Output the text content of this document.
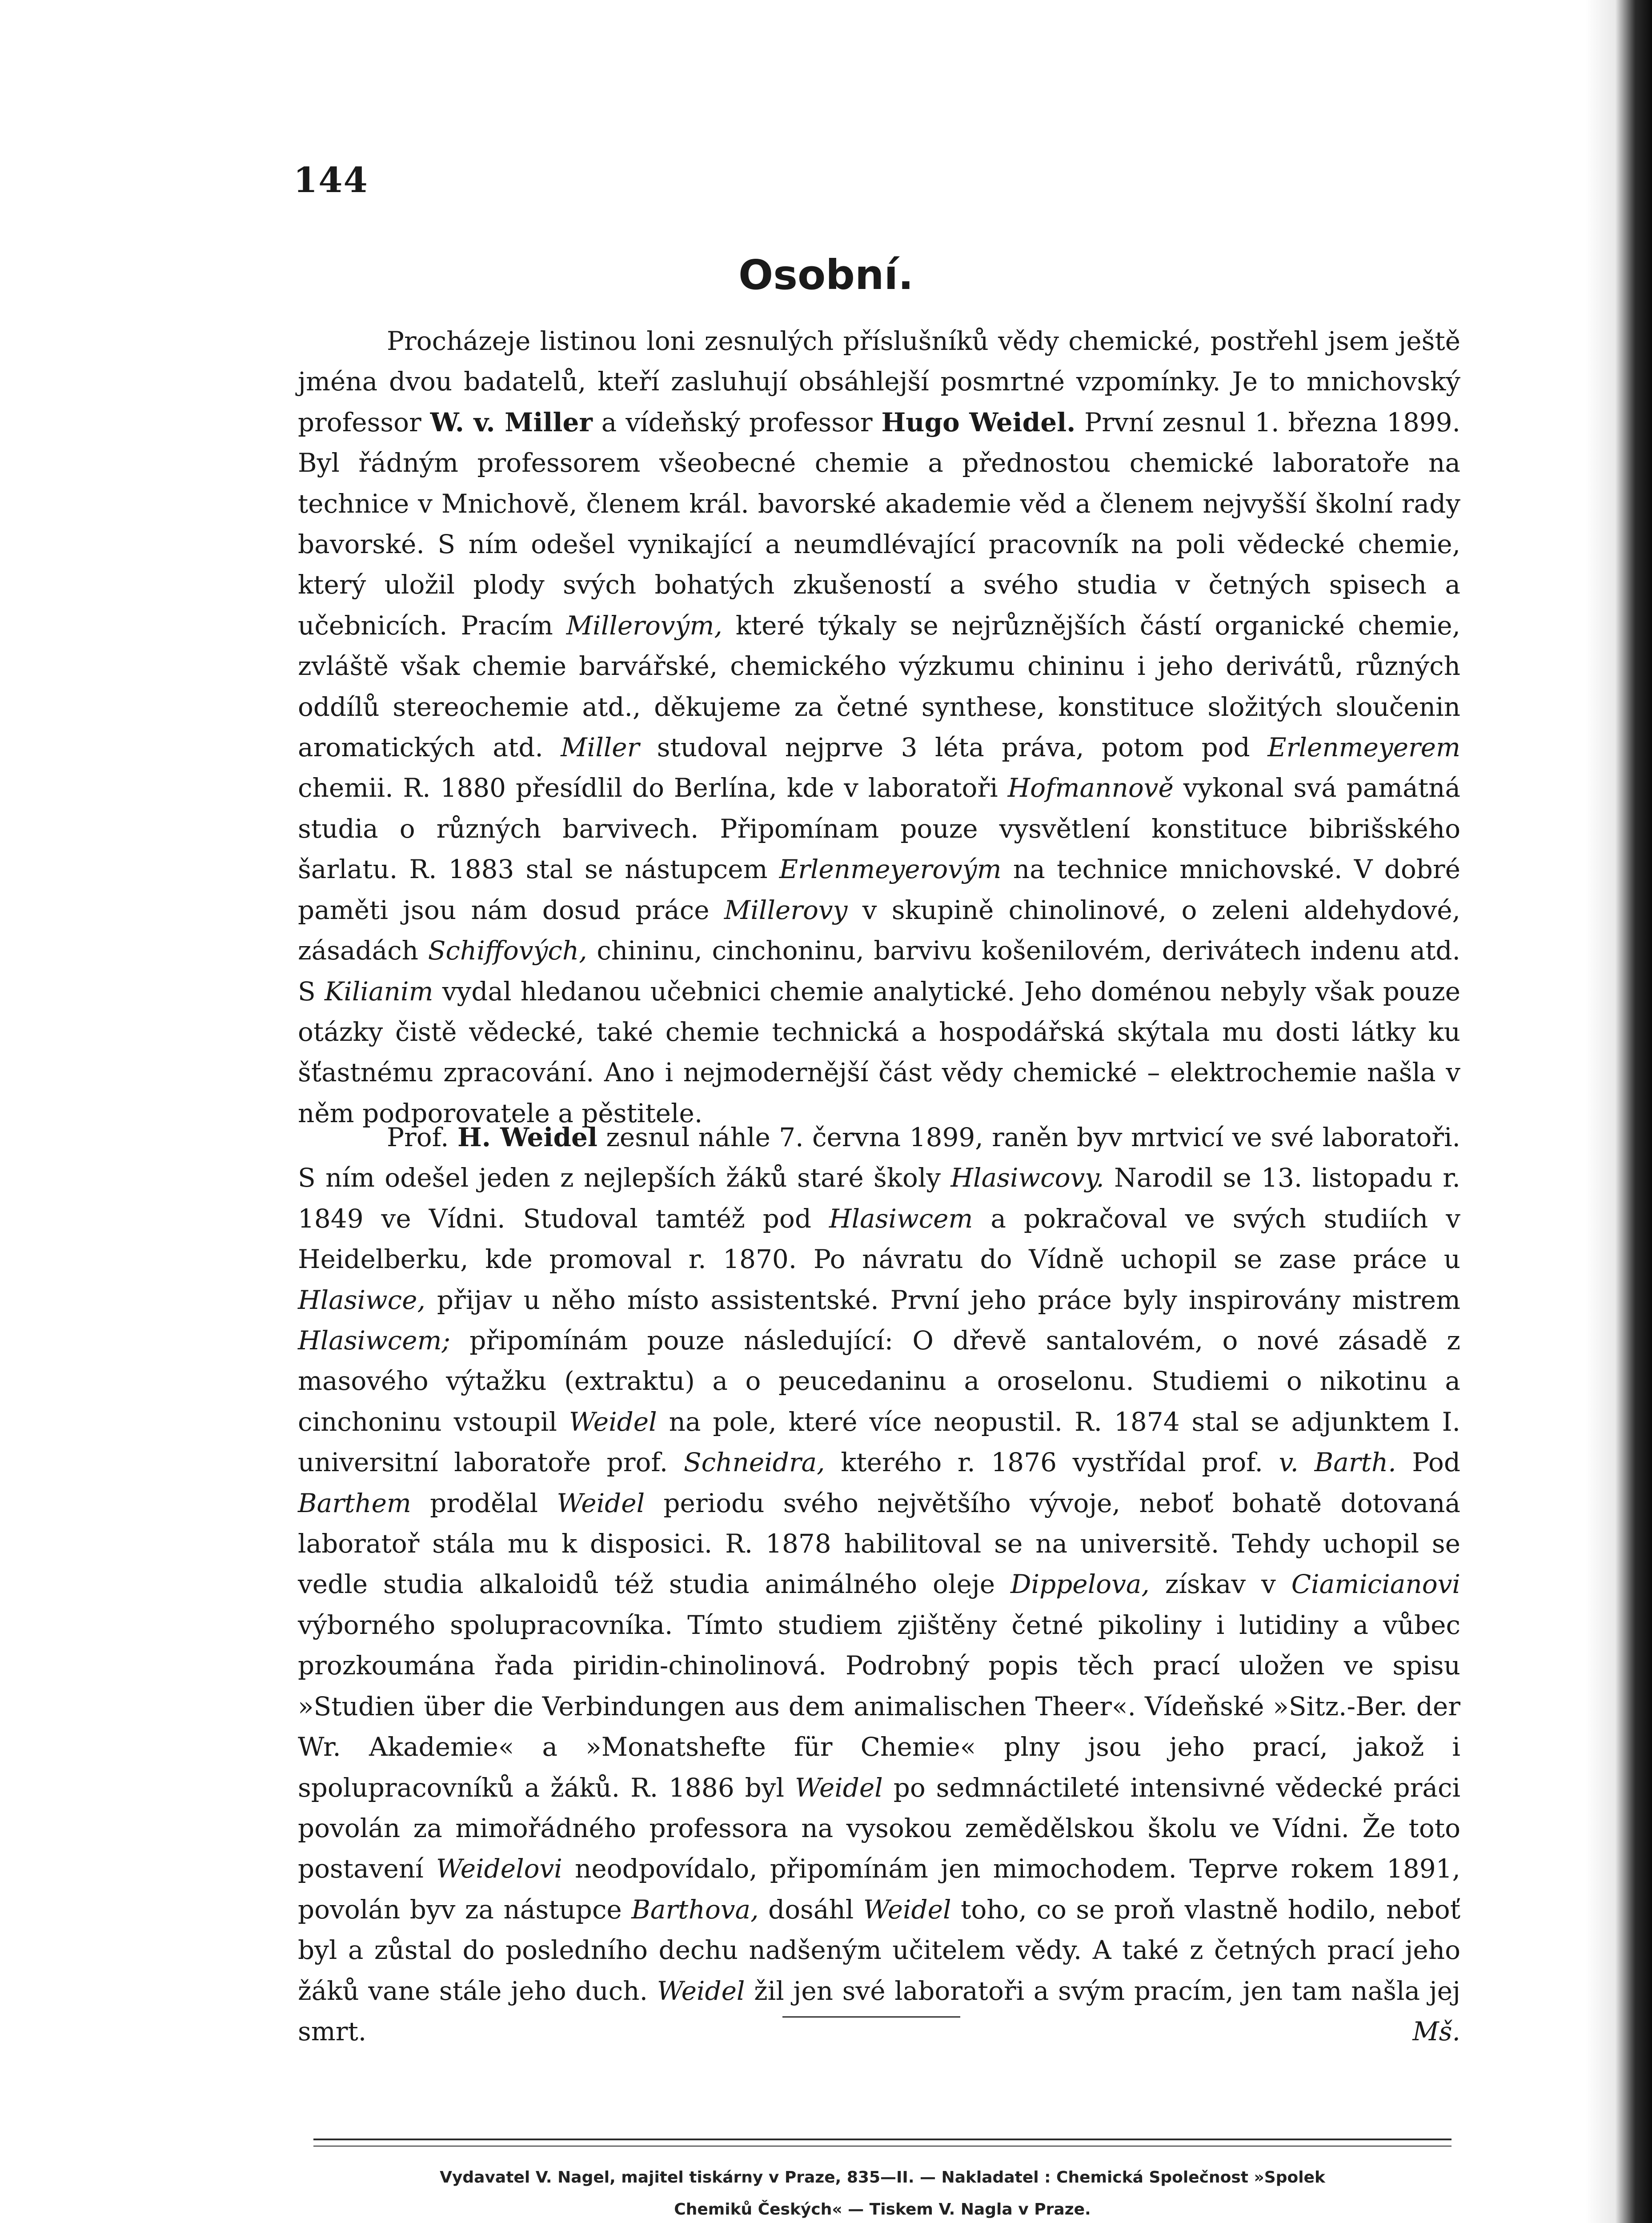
144
Osobní.

Procházeje listinou loni zesnulých příslušníků vědy chemické, postřehl jsem ještě jména dvou badatelů, kteří zasluhují obsáhlejší posmrtné vzpomínky. Je to mnichovský professor W. v. Miller a vídeňský professor Hugo Weidel. První zesnul 1. března 1899. Byl řádným professorem všeobecné chemie a přednostou chemické laboratoře na technice v Mnichově, členem král. bavorské akademie věd a členem nejvyšší školní rady bavorské. S ním odešel vynikající a neumdlévající pracovník na poli vědecké chemie, který uložil plody svých bohatých zkušeností a svého studia v četných spisech a učebnicích. Pracím Millerovým, které týkaly se nejrůznějších částí organické chemie, zvláště však chemie barvářské, chemického výzkumu chininu i jeho derivátů, různých oddílů stereochemie atd., děkujeme za četné synthese, konstituce složitých sloučenin aromatických atd. Miller studoval nejprve 3 léta práva, potom pod Erlenmeyerem chemii. R. 1880 přesídlil do Berlína, kde v laboratoři Hofmannově vykonal svá památná studia o různých barvivech. Připomínam pouze vysvětlení konstituce bibrišského šarlatu. R. 1883 stal se nástupcem Erlenmeyerovým na technice mnichovské. V dobré paměti jsou nám dosud práce Millerovy v skupině chinolinové, o zeleni aldehydové, zásadách Schiffových, chininu, cinchoninu, barvivu košenilovém, derivátech indenu atd. S Kilianim vydal hledanou učebnici chemie analytické. Jeho doménou nebyly však pouze otázky čistě vědecké, také chemie technická a hospodářská skýtala mu dosti látky ku šťastnému zpracování. Ano i nejmodernější část vědy chemické – elektrochemie našla v něm podporovatele a pěstitele.

Prof. H. Weidel zesnul náhle 7. června 1899, raněn byv mrtvicí ve své laboratoři. S ním odešel jeden z nejlepších žáků staré školy Hlasiwcovy. Narodil se 13. listopadu r. 1849 ve Vídni. Studoval tamtéž pod Hlasiwcem a pokračoval ve svých studiích v Heidelberku, kde promoval r. 1870. Po návratu do Vídně uchopil se zase práce u Hlasiwce, přijav u něho místo assistentské. První jeho práce byly inspirovány mistrem Hlasiwcem; připomínám pouze následující: O dřevě santalovém, o nové zásadě z masového výtažku (extraktu) a o peucedaninu a oroselonu. Studiemi o nikotinu a cinchoninu vstoupil Weidel na pole, které více neopustil. R. 1874 stal se adjunktem I. universitní laboratoře prof. Schneidra, kterého r. 1876 vystřídal prof. v. Barth. Pod Barthem prodělal Weidel periodu svého největšího vývoje, neboť bohatě dotovaná laboratoř stála mu k disposici. R. 1878 habilitoval se na universitě. Tehdy uchopil se vedle studia alkaloidů též studia animálného oleje Dippelova, získav v Ciamicianovi výborného spolupracovníka. Tímto studiem zjištěny četné pikoliny i lutidiny a vůbec prozkoumána řada piridin-chinolinová. Podrobný popis těch prací uložen ve spisu »Studien über die Verbindungen aus dem animalischen Theer«. Vídeňské »Sitz.-Ber. der Wr. Akademie« a »Monatshefte für Chemie« plny jsou jeho prací, jakož i spolupracovníků a žáků. R. 1886 byl Weidel po sedmnáctileté intensivné vědecké práci povolán za mimořádného professora na vysokou zemědělskou školu ve Vídni. Že toto postavení Weidelovi neodpovídalo, připomínám jen mimochodem. Teprve rokem 1891, povolán byv za nástupce Barthova, dosáhl Weidel toho, co se proň vlastně hodilo, neboť byl a zůstal do posledního dechu nadšeným učitelem vědy. A také z četných prací jeho žáků vane stále jeho duch. Weidel žil jen své laboratoři a svým pracím, jen tam našla jej smrt.	Mš.

Vydavatel V. Nagel, majitel tiskárny v Praze, 835—II. — Nakladatel : Chemická Společnost »Spolek
Chemiků Českých« — Tiskem V. Nagla v Praze.
